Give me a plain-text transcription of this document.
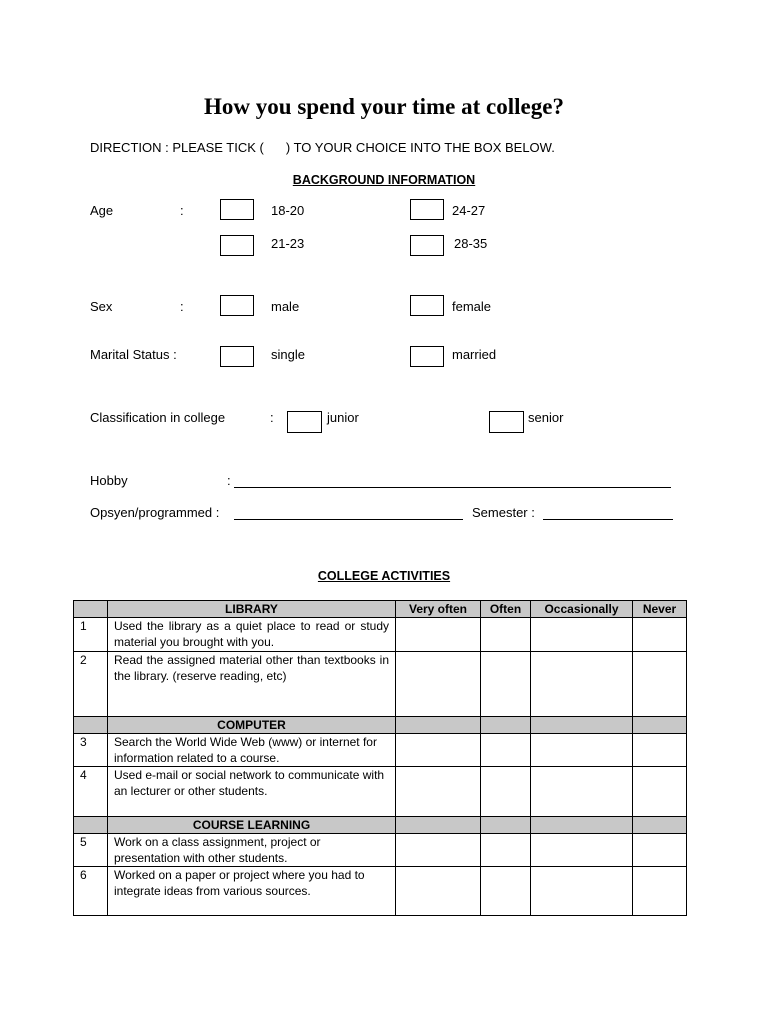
How you spend your time at college?
DIRECTION : PLEASE TICK ( ) TO YOUR CHOICE INTO THE BOX BELOW.
BACKGROUND INFORMATION
Age	:	18-20	24-27
21-23	28-35
Sex	:	male	female
Marital Status :	single	married
Classification in college	:	junior	senior
Hobby	:
Opsyen/programmed :	Semester :
COLLEGE ACTIVITIES
	LIBRARY	Very often	Often	Occasionally	Never
1	Used the library as a quiet place to read or study material you brought with you.				
2	Read the assigned material other than textbooks in the library. (reserve reading, etc)				
	COMPUTER				
3	Search the World Wide Web (www) or internet for information related to a course.				
4	Used e-mail or social network to communicate with an lecturer or other students.				
	COURSE LEARNING				
5	Work on a class assignment, project or presentation with other students.				
6	Worked on a paper or project where you had to integrate ideas from various sources.				
